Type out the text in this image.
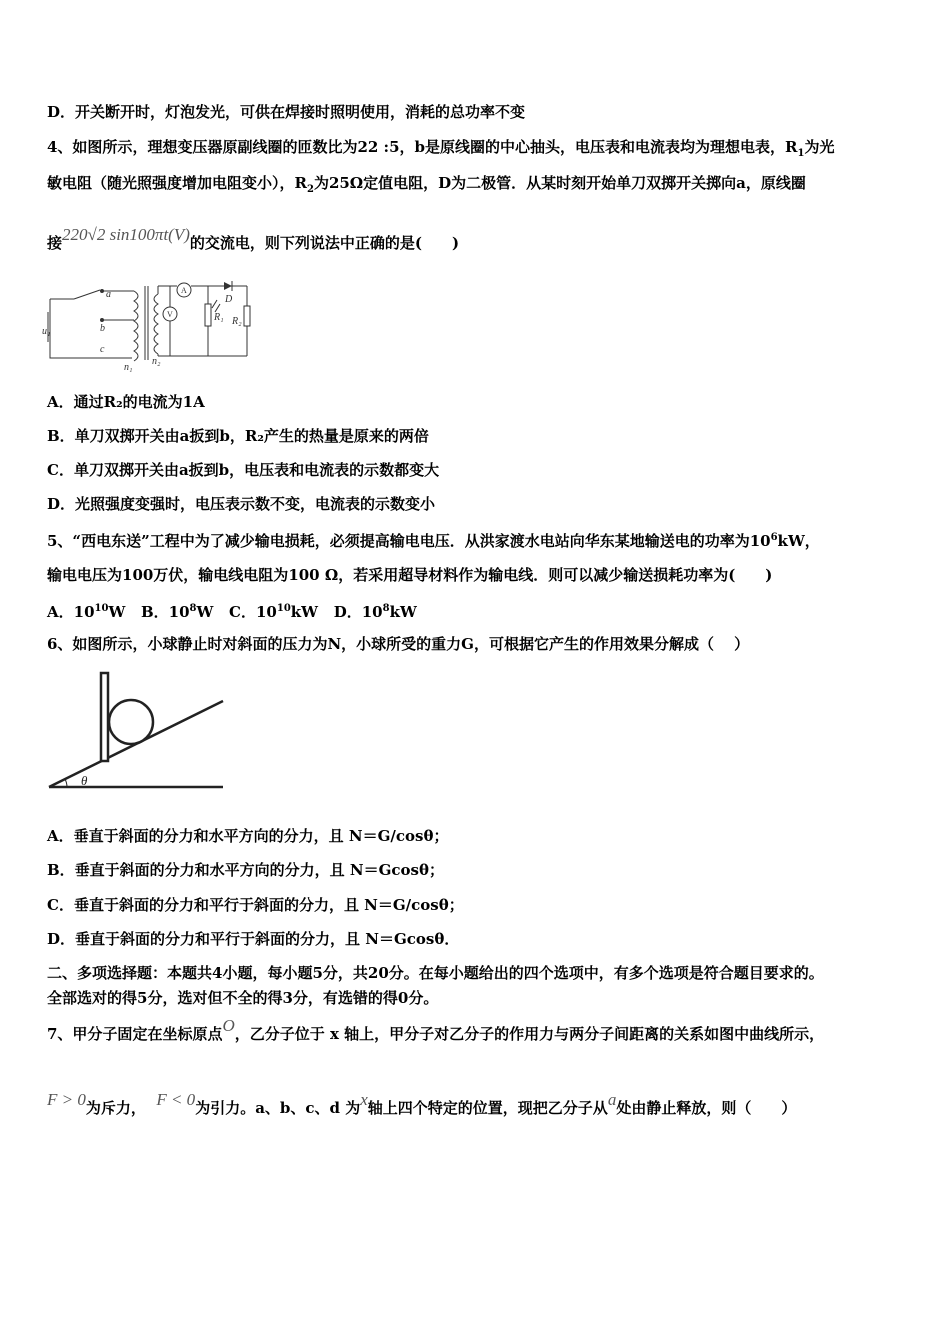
D．开关断开时，灯泡发光，可供在焊接时照明使用，消耗的总功率不变
4、如图所示，理想变压器原副线圈的匝数比为22 :5，b是原线圈的中心抽头，电压表和电流表均为理想电表，$R_1$为光
敏电阻（随光照强度增加电阻变小），$R_2$为25Ω定值电阻，D为二极管．从某时刻开始单刀双掷开关掷向a，原线圈
接220√2 sin100πt(V)的交流电，则下列说法中正确的是(　　)
a
b
c
u₁
n₁
n₂
A
V
D
R₁ R₂
A．通过R₂的电流为1A
B．单刀双掷开关由a扳到b，R₂产生的热量是原来的两倍
C．单刀双掷开关由a扳到b，电压表和电流表的示数都变大
D．光照强度变强时，电压表示数不变，电流表的示数变小
5、“西电东送”工程中为了减少输电损耗，必须提高输电电压．从洪家渡水电站向华东某地输送电的功率为$10^6kW$，
输电电压为100万伏，输电线电阻为100 Ω，若采用超导材料作为输电线．则可以减少输送损耗功率为(　　)
A．$10^{10}W$ B．$10^8W$ C．$10^{10}kW$ D．$10^8kW$
6、如图所示，小球静止时对斜面的压力为N，小球所受的重力G，可根据它产生的作用效果分解成（　 ）
θ
A．垂直于斜面的分力和水平方向的分力，且 N＝G/cosθ；
B．垂直于斜面的分力和水平方向的分力，且 N＝Gcosθ；
C．垂直于斜面的分力和平行于斜面的分力，且 N＝G/cosθ；
D．垂直于斜面的分力和平行于斜面的分力，且 N＝Gcosθ．
二、多项选择题：本题共4小题，每小题5分，共20分。在每小题给出的四个选项中，有多个选项是符合题目要求的。
全部选对的得5分，选对但不全的得3分，有选错的得0分。
7、甲分子固定在坐标原点O，乙分子位于 x 轴上，甲分子对乙分子的作用力与两分子间距离的关系如图中曲线所示，
F > 0为斥力， F < 0为引力。a、b、c、d 为x轴上四个特定的位置，现把乙分子从a处由静止释放，则（　　）
